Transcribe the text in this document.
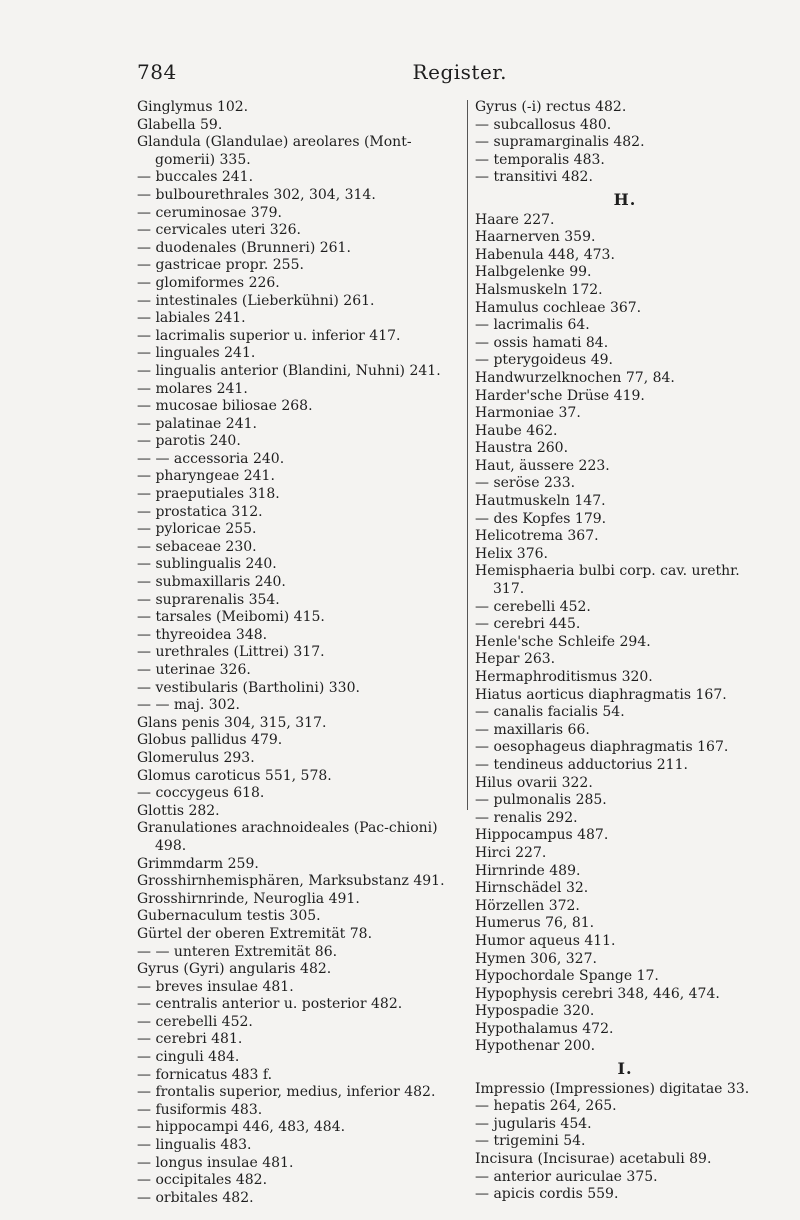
784	Register.
Ginglymus 102.
Glabella 59.
Glandula (Glandulae) areolares (Mont-gomerii) 335.
— buccales 241.
— bulbourethrales 302, 304, 314.
— ceruminosae 379.
— cervicales uteri 326.
— duodenales (Brunneri) 261.
— gastricae propr. 255.
— glomiformes 226.
— intestinales (Lieberkühni) 261.
— labiales 241.
— lacrimalis superior u. inferior 417.
— linguales 241.
— lingualis anterior (Blandini, Nuhni) 241.
— molares 241.
— mucosae biliosae 268.
— palatinae 241.
— parotis 240.
— — accessoria 240.
— pharyngeae 241.
— praeputiales 318.
— prostatica 312.
— pyloricae 255.
— sebaceae 230.
— sublingualis 240.
— submaxillaris 240.
— suprarenalis 354.
— tarsales (Meibomi) 415.
— thyreoidea 348.
— urethrales (Littrei) 317.
— uterinae 326.
— vestibularis (Bartholini) 330.
— — maj. 302.
Glans penis 304, 315, 317.
Globus pallidus 479.
Glomerulus 293.
Glomus caroticus 551, 578.
— coccygeus 618.
Glottis 282.
Granulationes arachnoideales (Pac-chioni) 498.
Grimmdarm 259.
Grosshirnhemisphären, Marksubstanz 491.
Grosshirnrinde, Neuroglia 491.
Gubernaculum testis 305.
Gürtel der oberen Extremität 78.
— — unteren Extremität 86.
Gyrus (Gyri) angularis 482.
— breves insulae 481.
— centralis anterior u. posterior 482.
— cerebelli 452.
— cerebri 481.
— cinguli 484.
— fornicatus 483 f.
— frontalis superior, medius, inferior 482.
— fusiformis 483.
— hippocampi 446, 483, 484.
— lingualis 483.
— longus insulae 481.
— occipitales 482.
— orbitales 482.
Gyrus (-i) rectus 482.
— subcallosus 480.
— supramarginalis 482.
— temporalis 483.
— transitivi 482.
H.
Haare 227.
Haarnerven 359.
Habenula 448, 473.
Halbgelenke 99.
Halsmuskeln 172.
Hamulus cochleae 367.
— lacrimalis 64.
— ossis hamati 84.
— pterygoideus 49.
Handwurzelknochen 77, 84.
Harder'sche Drüse 419.
Harmoniae 37.
Haube 462.
Haustra 260.
Haut, äussere 223.
— seröse 233.
Hautmuskeln 147.
— des Kopfes 179.
Helicotrema 367.
Helix 376.
Hemisphaeria bulbi corp. cav. urethr. 317.
— cerebelli 452.
— cerebri 445.
Henle'sche Schleife 294.
Hepar 263.
Hermaphroditismus 320.
Hiatus aorticus diaphragmatis 167.
— canalis facialis 54.
— maxillaris 66.
— oesophageus diaphragmatis 167.
— tendineus adductorius 211.
Hilus ovarii 322.
— pulmonalis 285.
— renalis 292.
Hippocampus 487.
Hirci 227.
Hirnrinde 489.
Hirnschädel 32.
Hörzellen 372.
Humerus 76, 81.
Humor aqueus 411.
Hymen 306, 327.
Hypochordale Spange 17.
Hypophysis cerebri 348, 446, 474.
Hypospadie 320.
Hypothalamus 472.
Hypothenar 200.
I.
Impressio (Impressiones) digitatae 33.
— hepatis 264, 265.
— jugularis 454.
— trigemini 54.
Incisura (Incisurae) acetabuli 89.
— anterior auriculae 375.
— apicis cordis 559.
